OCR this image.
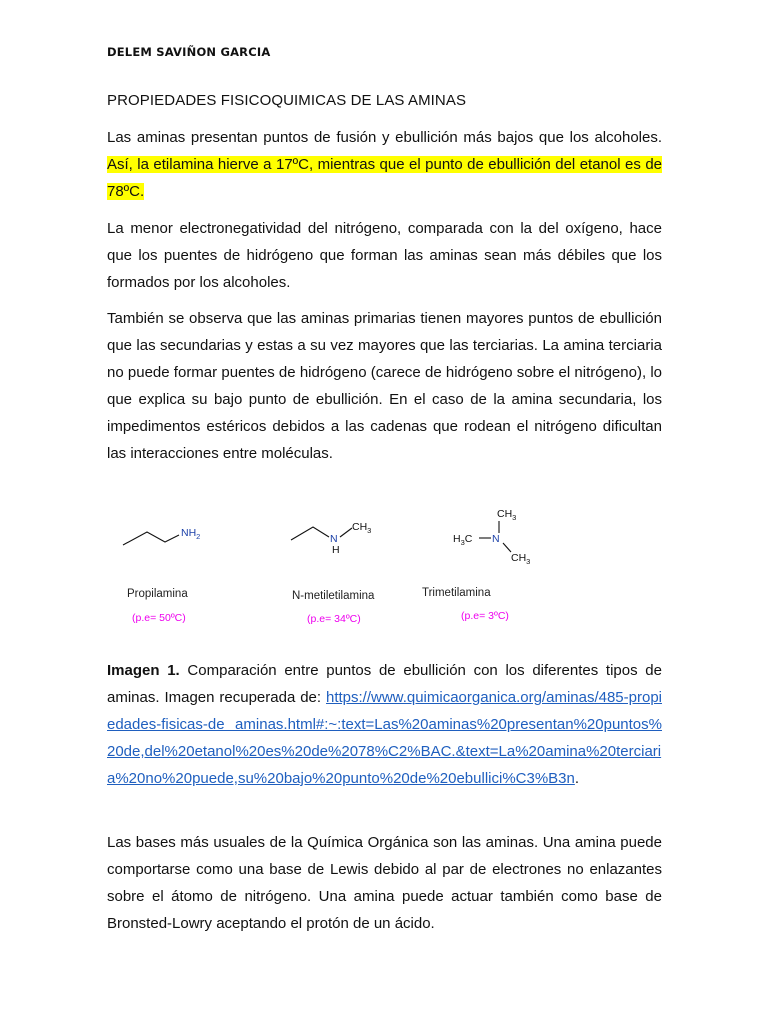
DELEM SAVIÑON GARCIA
PROPIEDADES FISICOQUIMICAS DE LAS AMINAS

Las aminas presentan puntos de fusión y ebullición más bajos que los alcoholes. Así, la etilamina hierve a 17ºC, mientras que el punto de ebullición del etanol es de 78ºC.

La menor electronegatividad del nitrógeno, comparada con la del oxígeno, hace que los puentes de hidrógeno que forman las aminas sean más débiles que los formados por los alcoholes.

También se observa que las aminas primarias tienen mayores puntos de ebullición que las secundarias y estas a su vez mayores que las terciarias. La amina terciaria no puede formar puentes de hidrógeno (carece de hidrógeno sobre el nitrógeno), lo que explica su bajo punto de ebullición. En el caso de la amina secundaria, los impedimentos estéricos debidos a las cadenas que rodean el nitrógeno dificultan las interacciones entre moléculas.

$NH_2$
Propilamina
(p.e= 50ºC)
N
H
$CH_3$
N-metiletilamina
(p.e= 34ºC)
$CH_3$
$H_3C$ N
$CH_3$
Trimetilamina
(p.e= 3ºC)

Imagen 1. Comparación entre puntos de ebullición con los diferentes tipos de aminas. Imagen recuperada de: https://www.quimicaorganica.org/aminas/485-propiedades-fisicas-de aminas.html#:~:text=Las%20aminas%20presentan%20puntos%20de,del%20etanol%20es%20de%2078%C2%BAC.&text=La%20amina%20terciaria%20no%20puede,su%20bajo%20punto%20de%20ebullici%C3%B3n.

Las bases más usuales de la Química Orgánica son las aminas. Una amina puede comportarse como una base de Lewis debido al par de electrones no enlazantes sobre el átomo de nitrógeno. Una amina puede actuar también como base de Bronsted-Lowry aceptando el protón de un ácido.
